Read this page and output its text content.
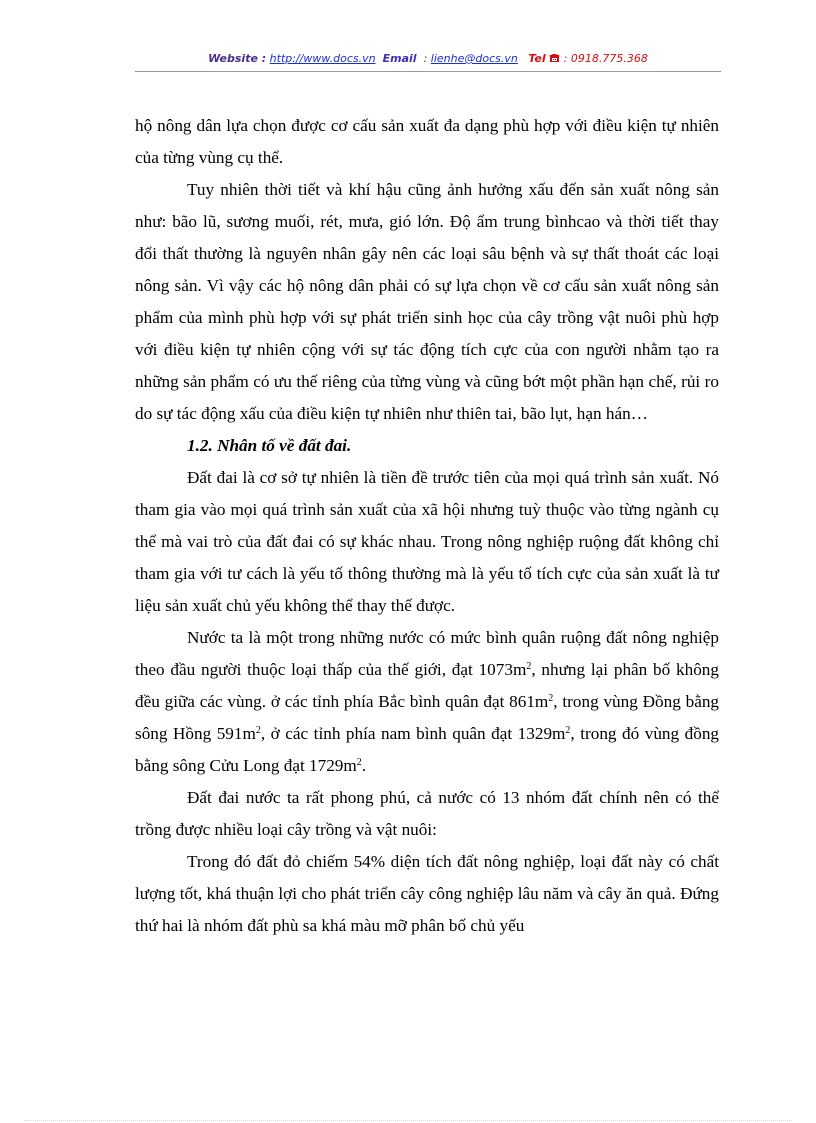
Website : http://www.docs.vn Email : lienhe@docs.vn Tel : 0918.775.368

hộ nông dân lựa chọn được cơ cấu sản xuất đa dạng phù hợp với điều kiện tự nhiên của từng vùng cụ thể.

Tuy nhiên thời tiết và khí hậu cũng ảnh hưởng xấu đến sản xuất nông sản như: bão lũ, sương muối, rét, mưa, gió lớn. Độ ẩm trung bìnhcao và thời tiết thay đổi thất thường là nguyên nhân gây nên các loại sâu bệnh và sự thất thoát các loại nông sản. Vì vậy các hộ nông dân phải có sự lựa chọn về cơ cấu sản xuất nông sản phẩm của mình phù hợp với sự phát triển sinh học của cây trồng vật nuôi phù hợp với điều kiện tự nhiên cộng với sự tác động tích cực của con người nhằm tạo ra những sản phẩm có ưu thế riêng của từng vùng và cũng bớt một phần hạn chế, rủi ro do sự tác động xấu của điều kiện tự nhiên như thiên tai, bão lụt, hạn hán…

1.2. Nhân tố về đất đai.

Đất đai là cơ sở tự nhiên là tiền đề trước tiên của mọi quá trình sản xuất. Nó tham gia vào mọi quá trình sản xuất của xã hội nhưng tuỳ thuộc vào từng ngành cụ thể mà vai trò của đất đai có sự khác nhau. Trong nông nghiệp ruộng đất không chỉ tham gia với tư cách là yếu tố thông thường mà là yếu tố tích cực của sản xuất là tư liệu sản xuất chủ yếu không thể thay thế được.

Nước ta là một trong những nước có mức bình quân ruộng đất nông nghiệp theo đầu người thuộc loại thấp của thế giới, đạt $1073m^2$, nhưng lại phân bố không đều giữa các vùng. ở các tỉnh phía Bắc bình quân đạt $861m^2$, trong vùng Đồng bằng sông Hồng $591m^2$, ở các tỉnh phía nam bình quân đạt $1329m^2$, trong đó vùng đồng bằng sông Cửu Long đạt $1729m^2$.

Đất đai nước ta rất phong phú, cả nước có 13 nhóm đất chính nên có thể trồng được nhiều loại cây trồng và vật nuôi:

Trong đó đất đỏ chiếm 54% diện tích đất nông nghiệp, loại đất này có chất lượng tốt, khá thuận lợi cho phát triển cây công nghiệp lâu năm và cây ăn quả. Đứng thứ hai là nhóm đất phù sa khá màu mỡ phân bố chủ yếu
